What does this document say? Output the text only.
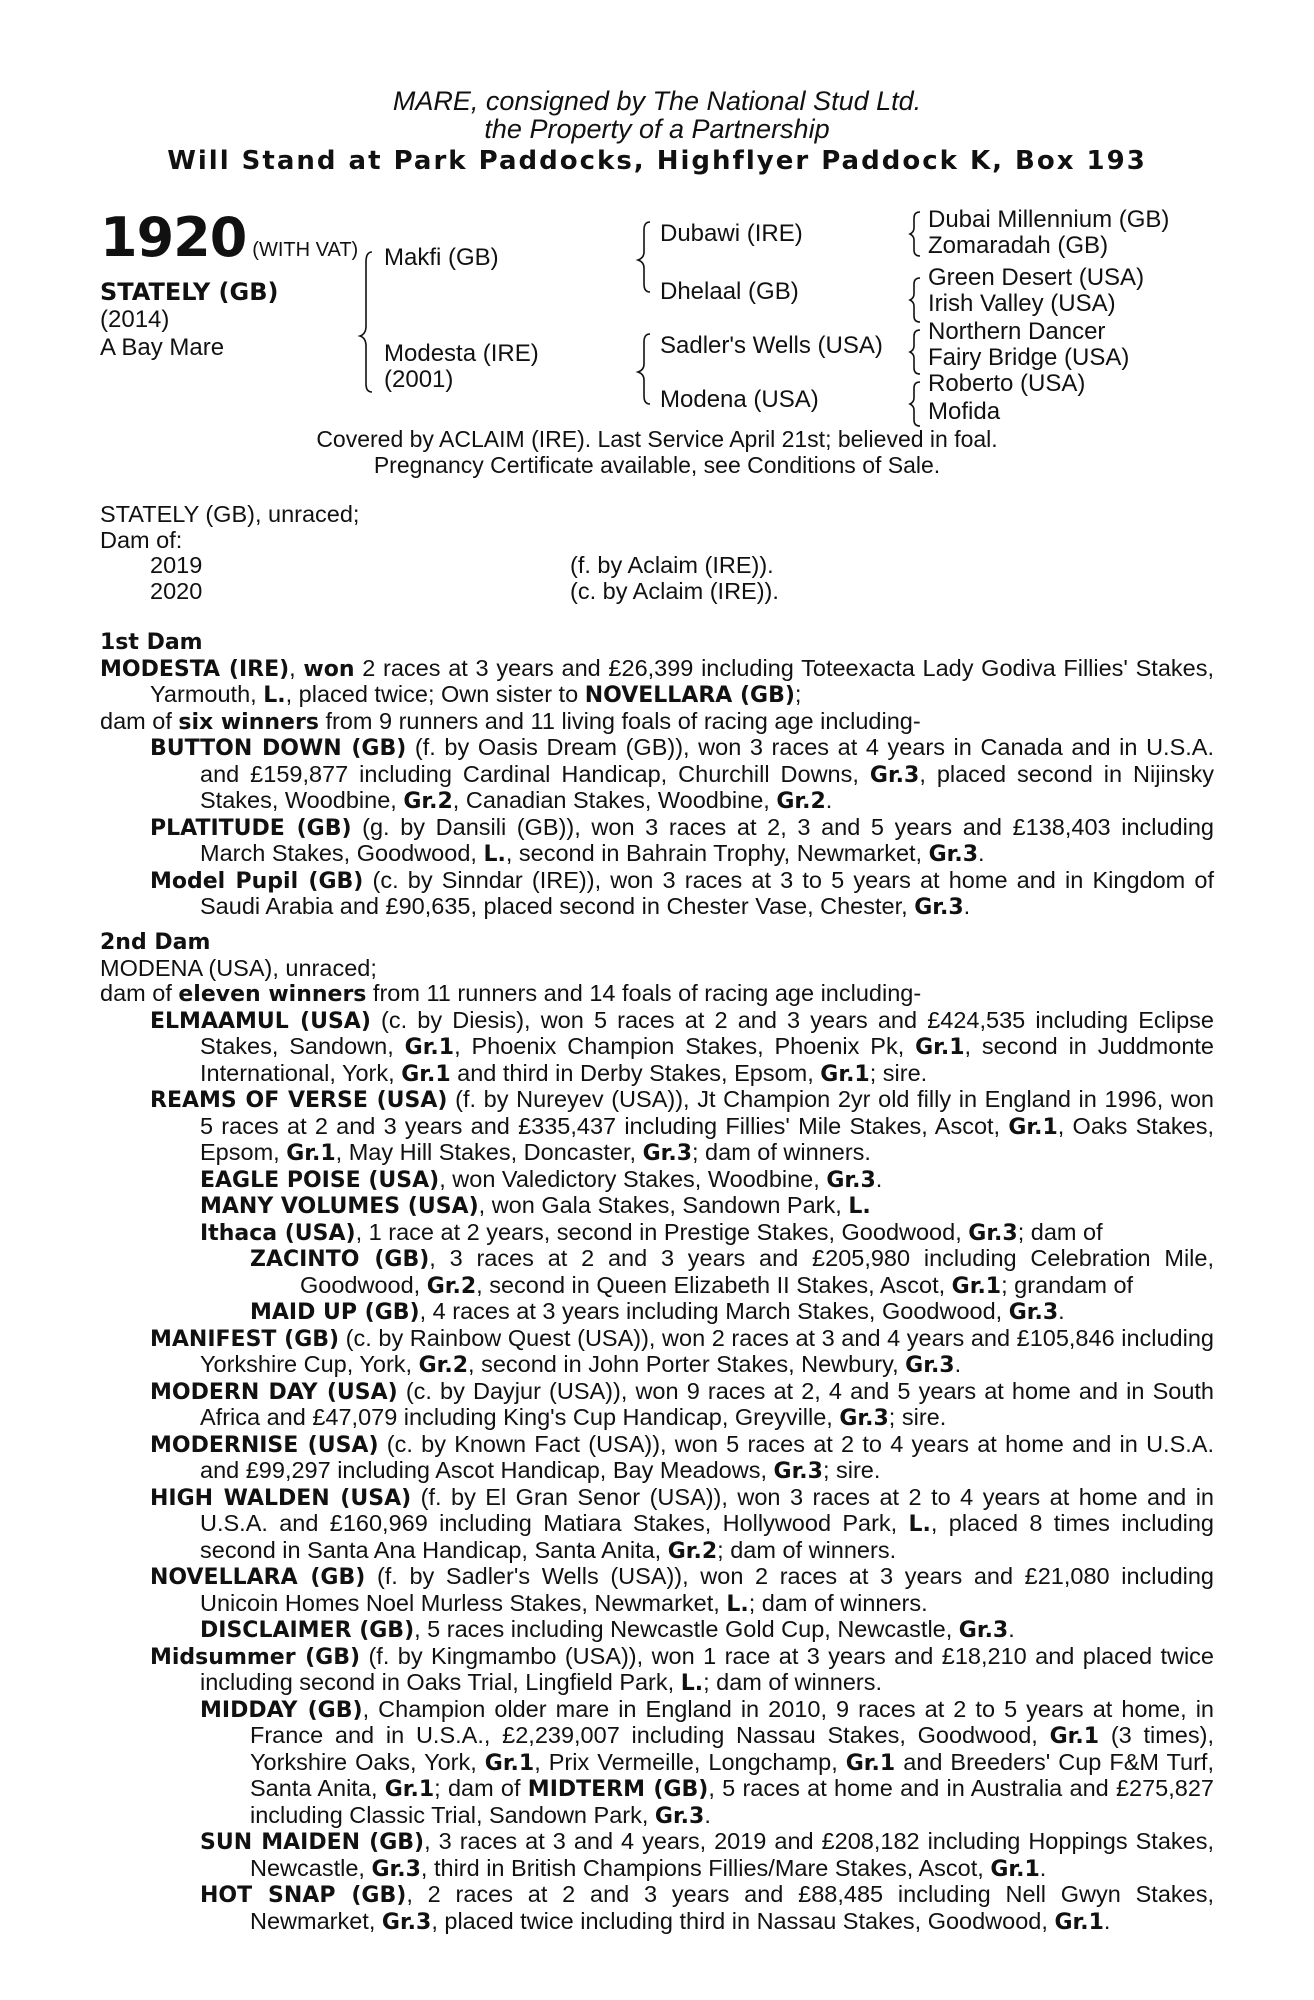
MARE, consigned by The National Stud Ltd.
the Property of a Partnership
Will Stand at Park Paddocks, Highflyer Paddock K, Box 193
1920 (WITH VAT)
STATELY (GB)
(2014)
A Bay Mare
Makfi (GB)
Modesta (IRE)
(2001)
Dubawi (IRE)
Dhelaal (GB)
Sadler's Wells (USA)
Modena (USA)
Dubai Millennium (GB)
Zomaradah (GB)
Green Desert (USA)
Irish Valley (USA)
Northern Dancer
Fairy Bridge (USA)
Roberto (USA)
Mofida
Covered by ACLAIM (IRE). Last Service April 21st; believed in foal.
Pregnancy Certificate available, see Conditions of Sale.
STATELY (GB), unraced;
Dam of:
2019	(f. by Aclaim (IRE)).
2020	(c. by Aclaim (IRE)).
1st Dam
MODESTA (IRE), won 2 races at 3 years and £26,399 including Toteexacta Lady Godiva Fillies' Stakes, Yarmouth, L., placed twice; Own sister to NOVELLARA (GB);
dam of six winners from 9 runners and 11 living foals of racing age including-
BUTTON DOWN (GB) (f. by Oasis Dream (GB)), won 3 races at 4 years in Canada and in U.S.A. and £159,877 including Cardinal Handicap, Churchill Downs, Gr.3, placed second in Nijinsky Stakes, Woodbine, Gr.2, Canadian Stakes, Woodbine, Gr.2.
PLATITUDE (GB) (g. by Dansili (GB)), won 3 races at 2, 3 and 5 years and £138,403 including March Stakes, Goodwood, L., second in Bahrain Trophy, Newmarket, Gr.3.
Model Pupil (GB) (c. by Sinndar (IRE)), won 3 races at 3 to 5 years at home and in Kingdom of Saudi Arabia and £90,635, placed second in Chester Vase, Chester, Gr.3.
2nd Dam
MODENA (USA), unraced;
dam of eleven winners from 11 runners and 14 foals of racing age including-
ELMAAMUL (USA) (c. by Diesis), won 5 races at 2 and 3 years and £424,535 including Eclipse Stakes, Sandown, Gr.1, Phoenix Champion Stakes, Phoenix Pk, Gr.1, second in Juddmonte International, York, Gr.1 and third in Derby Stakes, Epsom, Gr.1; sire.
REAMS OF VERSE (USA) (f. by Nureyev (USA)), Jt Champion 2yr old filly in England in 1996, won 5 races at 2 and 3 years and £335,437 including Fillies' Mile Stakes, Ascot, Gr.1, Oaks Stakes, Epsom, Gr.1, May Hill Stakes, Doncaster, Gr.3; dam of winners.
EAGLE POISE (USA), won Valedictory Stakes, Woodbine, Gr.3.
MANY VOLUMES (USA), won Gala Stakes, Sandown Park, L.
Ithaca (USA), 1 race at 2 years, second in Prestige Stakes, Goodwood, Gr.3; dam of
ZACINTO (GB), 3 races at 2 and 3 years and £205,980 including Celebration Mile, Goodwood, Gr.2, second in Queen Elizabeth II Stakes, Ascot, Gr.1; grandam of
MAID UP (GB), 4 races at 3 years including March Stakes, Goodwood, Gr.3.
MANIFEST (GB) (c. by Rainbow Quest (USA)), won 2 races at 3 and 4 years and £105,846 including Yorkshire Cup, York, Gr.2, second in John Porter Stakes, Newbury, Gr.3.
MODERN DAY (USA) (c. by Dayjur (USA)), won 9 races at 2, 4 and 5 years at home and in South Africa and £47,079 including King's Cup Handicap, Greyville, Gr.3; sire.
MODERNISE (USA) (c. by Known Fact (USA)), won 5 races at 2 to 4 years at home and in U.S.A. and £99,297 including Ascot Handicap, Bay Meadows, Gr.3; sire.
HIGH WALDEN (USA) (f. by El Gran Senor (USA)), won 3 races at 2 to 4 years at home and in U.S.A. and £160,969 including Matiara Stakes, Hollywood Park, L., placed 8 times including second in Santa Ana Handicap, Santa Anita, Gr.2; dam of winners.
NOVELLARA (GB) (f. by Sadler's Wells (USA)), won 2 races at 3 years and £21,080 including Unicoin Homes Noel Murless Stakes, Newmarket, L.; dam of winners.
DISCLAIMER (GB), 5 races including Newcastle Gold Cup, Newcastle, Gr.3.
Midsummer (GB) (f. by Kingmambo (USA)), won 1 race at 3 years and £18,210 and placed twice including second in Oaks Trial, Lingfield Park, L.; dam of winners.
MIDDAY (GB), Champion older mare in England in 2010, 9 races at 2 to 5 years at home, in France and in U.S.A., £2,239,007 including Nassau Stakes, Goodwood, Gr.1 (3 times), Yorkshire Oaks, York, Gr.1, Prix Vermeille, Longchamp, Gr.1 and Breeders' Cup F&M Turf, Santa Anita, Gr.1; dam of MIDTERM (GB), 5 races at home and in Australia and £275,827 including Classic Trial, Sandown Park, Gr.3.
SUN MAIDEN (GB), 3 races at 3 and 4 years, 2019 and £208,182 including Hoppings Stakes, Newcastle, Gr.3, third in British Champions Fillies/Mare Stakes, Ascot, Gr.1.
HOT SNAP (GB), 2 races at 2 and 3 years and £88,485 including Nell Gwyn Stakes, Newmarket, Gr.3, placed twice including third in Nassau Stakes, Goodwood, Gr.1.
